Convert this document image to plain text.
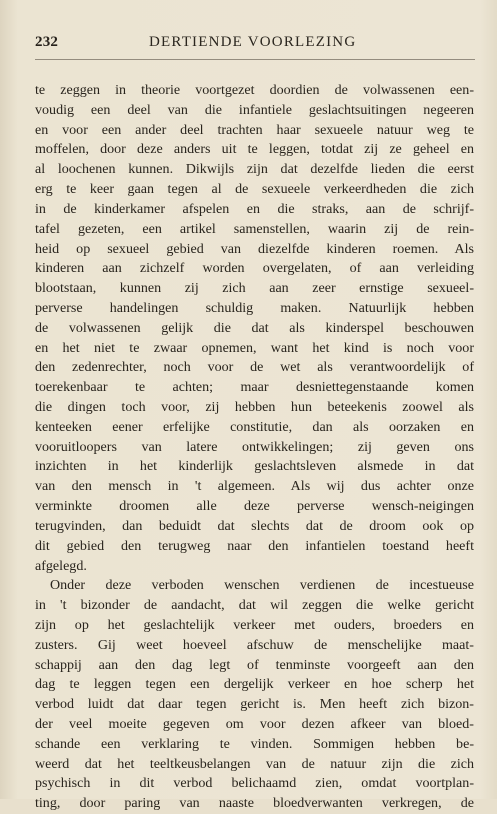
232	DERTIENDE VOORLEZING
te zeggen in theorie voortgezet doordien de volwassenen een-
voudig een deel van die infantiele geslachtsuitingen negeeren
en voor een ander deel trachten haar sexueele natuur weg te
moffelen, door deze anders uit te leggen, totdat zij ze geheel en
al loochenen kunnen. Dikwijls zijn dat dezelfde lieden die eerst
erg te keer gaan tegen al de sexueele verkeerdheden die zich
in de kinderkamer afspelen en die straks, aan de schrijf-
tafel gezeten, een artikel samenstellen, waarin zij de rein-
heid op sexueel gebied van diezelfde kinderen roemen. Als
kinderen aan zichzelf worden overgelaten, of aan verleiding
blootstaan, kunnen zij zich aan zeer ernstige sexueel-
perverse handelingen schuldig maken. Natuurlijk hebben
de volwassenen gelijk die dat als kinderspel beschouwen
en het niet te zwaar opnemen, want het kind is noch voor
den zedenrechter, noch voor de wet als verantwoordelijk of
toerekenbaar te achten; maar desniettegenstaande komen
die dingen toch voor, zij hebben hun beteekenis zoowel als
kenteeken eener erfelijke constitutie, dan als oorzaken en
vooruitloopers van latere ontwikkelingen; zij geven ons
inzichten in het kinderlijk geslachtsleven alsmede in dat
van den mensch in 't algemeen. Als wij dus achter onze
verminkte droomen alle deze perverse wensch-neigingen
terugvinden, dan beduidt dat slechts dat de droom ook op
dit gebied den terugweg naar den infantielen toestand heeft
afgelegd.
Onder deze verboden wenschen verdienen de incestueuse
in 't bizonder de aandacht, dat wil zeggen die welke gericht
zijn op het geslachtelijk verkeer met ouders, broeders en
zusters. Gij weet hoeveel afschuw de menschelijke maat-
schappij aan den dag legt of tenminste voorgeeft aan den
dag te leggen tegen een dergelijk verkeer en hoe scherp het
verbod luidt dat daar tegen gericht is. Men heeft zich bizon-
der veel moeite gegeven om voor dezen afkeer van bloed-
schande een verklaring te vinden. Sommigen hebben be-
weerd dat het teeltkeusbelangen van de natuur zijn die zich
psychisch in dit verbod belichaamd zien, omdat voortplan-
ting, door paring van naaste bloedverwanten verkregen, de
